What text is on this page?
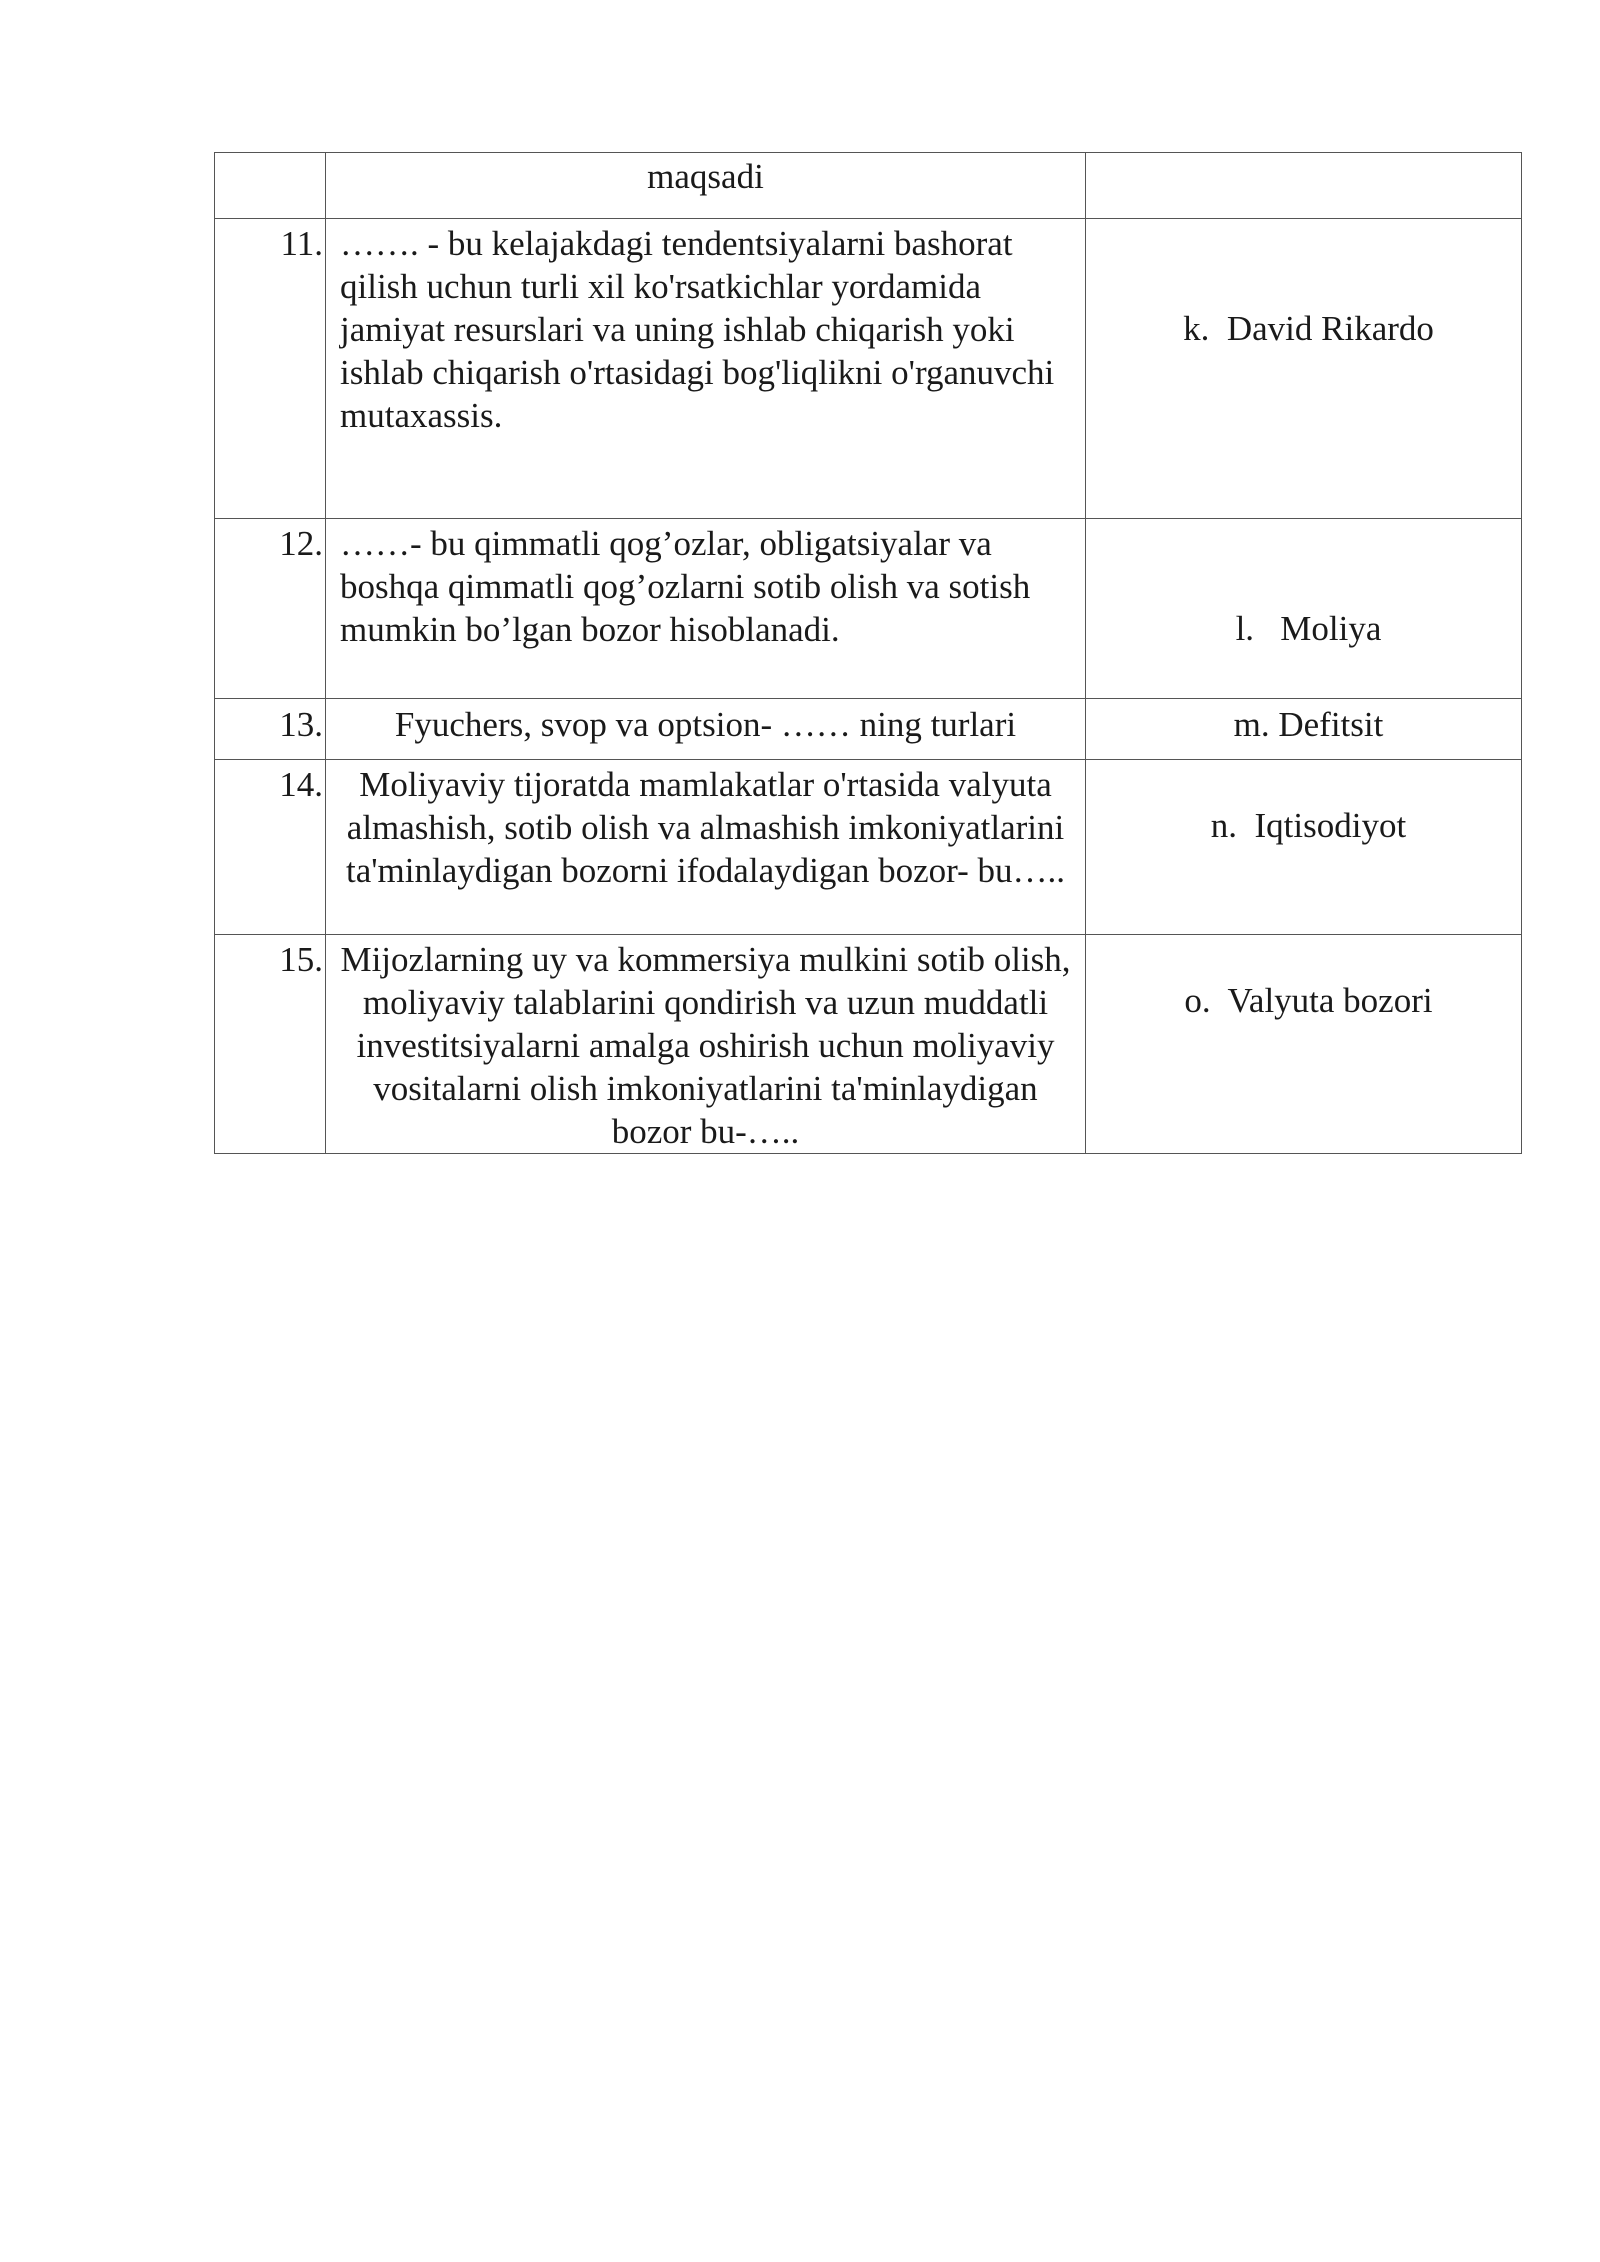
	maqsadi	
11.	……. - bu kelajakdagi tendentsiyalarni bashorat qilish uchun turli xil ko'rsatkichlar yordamida jamiyat resurslari va uning ishlab chiqarish yoki ishlab chiqarish o'rtasidagi bog'liqlikni o'rganuvchi mutaxassis.	k.  David Rikardo
12.	……- bu qimmatli qog’ozlar, obligatsiyalar va boshqa qimmatli qog’ozlarni sotib olish va sotish mumkin bo’lgan bozor hisoblanadi.	l.   Moliya
13.	Fyuchers, svop va optsion- …… ning turlari	m. Defitsit
14.	Moliyaviy tijoratda mamlakatlar o'rtasida valyuta almashish, sotib olish va almashish imkoniyatlarini ta'minlaydigan bozorni ifodalaydigan bozor- bu…..	n.  Iqtisodiyot
15.	Mijozlarning uy va kommersiya mulkini sotib olish, moliyaviy talablarini qondirish va uzun muddatli investitsiyalarni amalga oshirish uchun moliyaviy vositalarni olish imkoniyatlarini ta'minlaydigan bozor bu-…..	o.  Valyuta bozori
